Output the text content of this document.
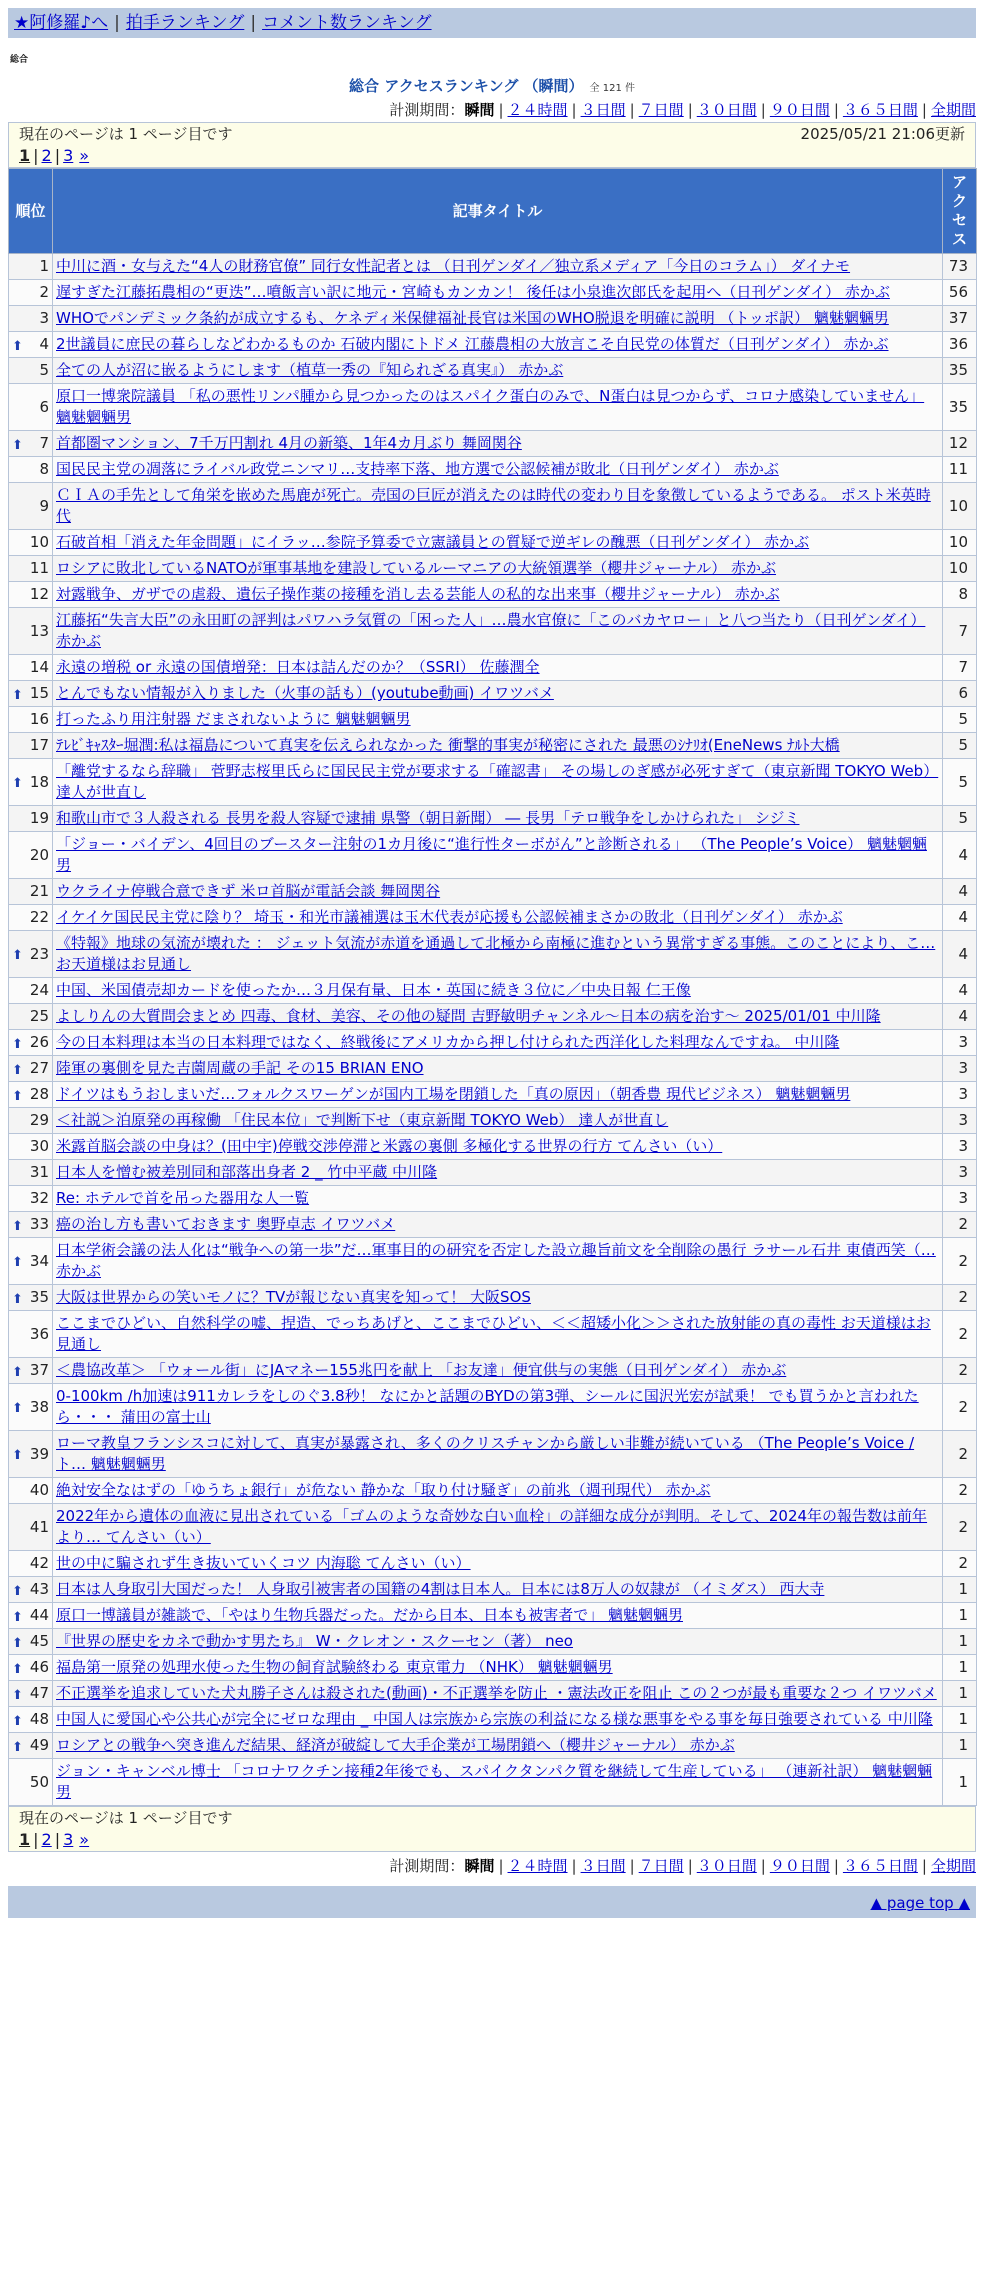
★阿修羅♪へ | 拍手ランキング | コメント数ランキング
総合
総合 アクセスランキング （瞬間） 全 121 件
計測期間：瞬間 | ２４時間 | ３日間 | ７日間 | ３０日間 | ９０日間 | ３６５日間 | 全期間
現在のページは 1 ページ目です	2025/05/21 21:06更新
1 | 2 | 3 »
順位	記事タイトル	アクセス
1	中川に酒・女与えた“4人の財務官僚” 同行女性記者とは （日刊ゲンダイ／独立系メディア「今日のコラム」） ダイナモ	73
2	遅すぎた江藤拓農相の“更迭”…噴飯言い訳に地元・宮崎もカンカン！ 後任は小泉進次郎氏を起用へ（日刊ゲンダイ） 赤かぶ	56
3	WHOでパンデミック条約が成立するも、ケネディ米保健福祉長官は米国のWHO脱退を明確に説明 （トッポ訳） 魑魅魍魎男	37

⬆ 4	2世議員に庶民の暮らしなどわかるものか 石破内閣にトドメ 江藤農相の大放言こそ自民党の体質だ（日刊ゲンダイ） 赤かぶ	36
5	全ての人が沼に嵌るようにします（植草一秀の『知られざる真実』） 赤かぶ	35
6	原口一博衆院議員 「私の悪性リンパ腫から見つかったのはスパイク蛋白のみで、N蛋白は見つからず、コロナ感染していません」 魑魅魍魎男	35

⬆ 7	首都圏マンション、7千万円割れ 4月の新築、1年4カ月ぶり 舞岡関谷	12
8	国民民主党の凋落にライバル政党ニンマリ…支持率下落、地方選で公認候補が敗北（日刊ゲンダイ） 赤かぶ	11
9	ＣＩＡの手先として角栄を嵌めた馬鹿が死亡。売国の巨匠が消えたのは時代の変わり目を象徴しているようである。 ポスト米英時代	10
10	石破首相「消えた年金問題」にイラッ…参院予算委で立憲議員との質疑で逆ギレの醜悪（日刊ゲンダイ） 赤かぶ	10
11	ロシアに敗北しているNATOが軍事基地を建設しているルーマニアの大統領選挙（櫻井ジャーナル） 赤かぶ	10
12	対露戦争、ガザでの虐殺、遺伝子操作薬の接種を消し去る芸能人の私的な出来事（櫻井ジャーナル） 赤かぶ	8
13	江藤拓“失言大臣”の永田町の評判はパワハラ気質の「困った人」…農水官僚に「このバカヤロー」と八つ当たり（日刊ゲンダイ） 赤かぶ	7
14	永遠の増税 or 永遠の国債増発：日本は詰んだのか？（SSRI） 佐藤潤全	7

⬆ 15	とんでもない情報が入りました（火事の話も）(youtube動画) イワツバメ	6
16	打ったふり用注射器 だまされないように 魑魅魍魎男	5
17	ﾃﾚﾋﾞｷｬｽﾀｰ堀潤:私は福島について真実を伝えられなかった 衝撃的事実が秘密にされた 最悪のｼﾅﾘｵ(EneNews ﾅﾙﾄ大橋	5

⬆ 18	「離党するなら辞職」 菅野志桜里氏らに国民民主党が要求する「確認書」 その場しのぎ感が必死すぎて（東京新聞 TOKYO Web） 達人が世直し	5
19	和歌山市で３人殺される 長男を殺人容疑で逮捕 県警（朝日新聞） ― 長男「テロ戦争をしかけられた」 シジミ	5
20	「ジョー・バイデン、4回目のブースター注射の1カ月後に“進行性ターボがん”と診断される」 （The People’s Voice） 魑魅魍魎男	4
21	ウクライナ停戦合意できず 米ロ首脳が電話会談 舞岡関谷	4
22	イケイケ国民民主党に陰り？ 埼玉・和光市議補選は玉木代表が応援も公認候補まさかの敗北（日刊ゲンダイ） 赤かぶ	4

⬆ 23	《特報》地球の気流が壊れた ： ジェット気流が赤道を通過して北極から南極に進むという異常すぎる事態。このことにより、こ… お天道様はお見通し	4
24	中国、米国債売却カードを使ったか…３月保有量、日本・英国に続き３位に／中央日報 仁王像	4
25	よしりんの大質問会まとめ 四毒、食材、美容、その他の疑問 吉野敏明チャンネル〜日本の病を治す〜 2025/01/01 中川隆	4

⬆ 26	今の日本料理は本当の日本料理ではなく、終戦後にアメリカから押し付けられた西洋化した料理なんですね。 中川隆	3

⬆ 27	陸軍の裏側を見た吉薗周蔵の手記 その15 BRIAN ENO	3

⬆ 28	ドイツはもうおしまいだ…フォルクスワーゲンが国内工場を閉鎖した「真の原因」（朝香豊 現代ビジネス） 魑魅魍魎男	3
29	＜社説＞泊原発の再稼働 「住民本位」で判断下せ（東京新聞 TOKYO Web） 達人が世直し	3
30	米露首脳会談の中身は？(田中宇)停戦交渉停滞と米露の裏側 多極化する世界の行方 てんさい（い）	3
31	日本人を憎む被差別同和部落出身者 2 _ 竹中平蔵 中川隆	3
32	Re: ホテルで首を吊った器用な人一覧	3

⬆ 33	癌の治し方も書いておきます 奥野卓志 イワツバメ	2

⬆ 34	日本学術会議の法人化は“戦争への第一歩”だ…軍事目的の研究を否定した設立趣旨前文を全削除の愚行 ラサール石井 東債西笑（… 赤かぶ	2

⬆ 35	大阪は世界からの笑いモノに？TVが報じない真実を知って！ 大阪SOS	2
36	ここまでひどい、自然科学の嘘、捏造、でっちあげと、ここまでひどい、＜＜超矮小化＞＞された放射能の真の毒性 お天道様はお見通し	2

⬆ 37	＜農協改革＞ 「ウォール街」にJAマネー155兆円を献上 「お友達」便宜供与の実態（日刊ゲンダイ） 赤かぶ	2

⬆ 38	0-100km /h加速は911カレラをしのぐ3.8秒！ なにかと話題のBYDの第3弾、シールに国沢光宏が試乗！ でも買うかと言われたら・・・ 蒲田の富士山	2

⬆ 39	ローマ教皇フランシスコに対して、真実が暴露され、多くのクリスチャンから厳しい非難が続いている （The People’s Voice / ト… 魑魅魍魎男	2
40	絶対安全なはずの「ゆうちょ銀行」が危ない 静かな「取り付け騒ぎ」の前兆（週刊現代） 赤かぶ	2
41	2022年から遺体の血液に見出されている「ゴムのような奇妙な白い血栓」の詳細な成分が判明。そして、2024年の報告数は前年より… てんさい（い）	2
42	世の中に騙されず生き抜いていくコツ 内海聡 てんさい（い）	2

⬆ 43	日本は人身取引大国だった！ 人身取引被害者の国籍の4割は日本人。日本には8万人の奴隷が （イミダス） 西大寺	1

⬆ 44	原口一博議員が雑談で、「やはり生物兵器だった。だから日本、日本も被害者で」 魑魅魍魎男	1

⬆ 45	『世界の歴史をカネで動かす男たち』 W・クレオン・スクーセン（著） neo	1

⬆ 46	福島第一原発の処理水使った生物の飼育試験終わる 東京電力 （NHK） 魑魅魍魎男	1

⬆ 47	不正選挙を追求していた犬丸勝子さんは殺された(動画)・不正選挙を防止 ・憲法改正を阻止 この２つが最も重要な２つ イワツバメ	1

⬆ 48	中国人に愛国心や公共心が完全にゼロな理由 _ 中国人は宗族から宗族の利益になる様な悪事をやる事を毎日強要されている 中川隆	1

⬆ 49	ロシアとの戦争へ突き進んだ結果、経済が破綻して大手企業が工場閉鎖へ（櫻井ジャーナル） 赤かぶ	1
50	ジョン・キャンベル博士 「コロナワクチン接種2年後でも、スパイクタンパク質を継続して生産している」 （連新社訳） 魑魅魍魎男	1
現在のページは 1 ページ目です
1 | 2 | 3 »
計測期間：瞬間 | ２４時間 | ３日間 | ７日間 | ３０日間 | ９０日間 | ３６５日間 | 全期間
▲ page top ▲
